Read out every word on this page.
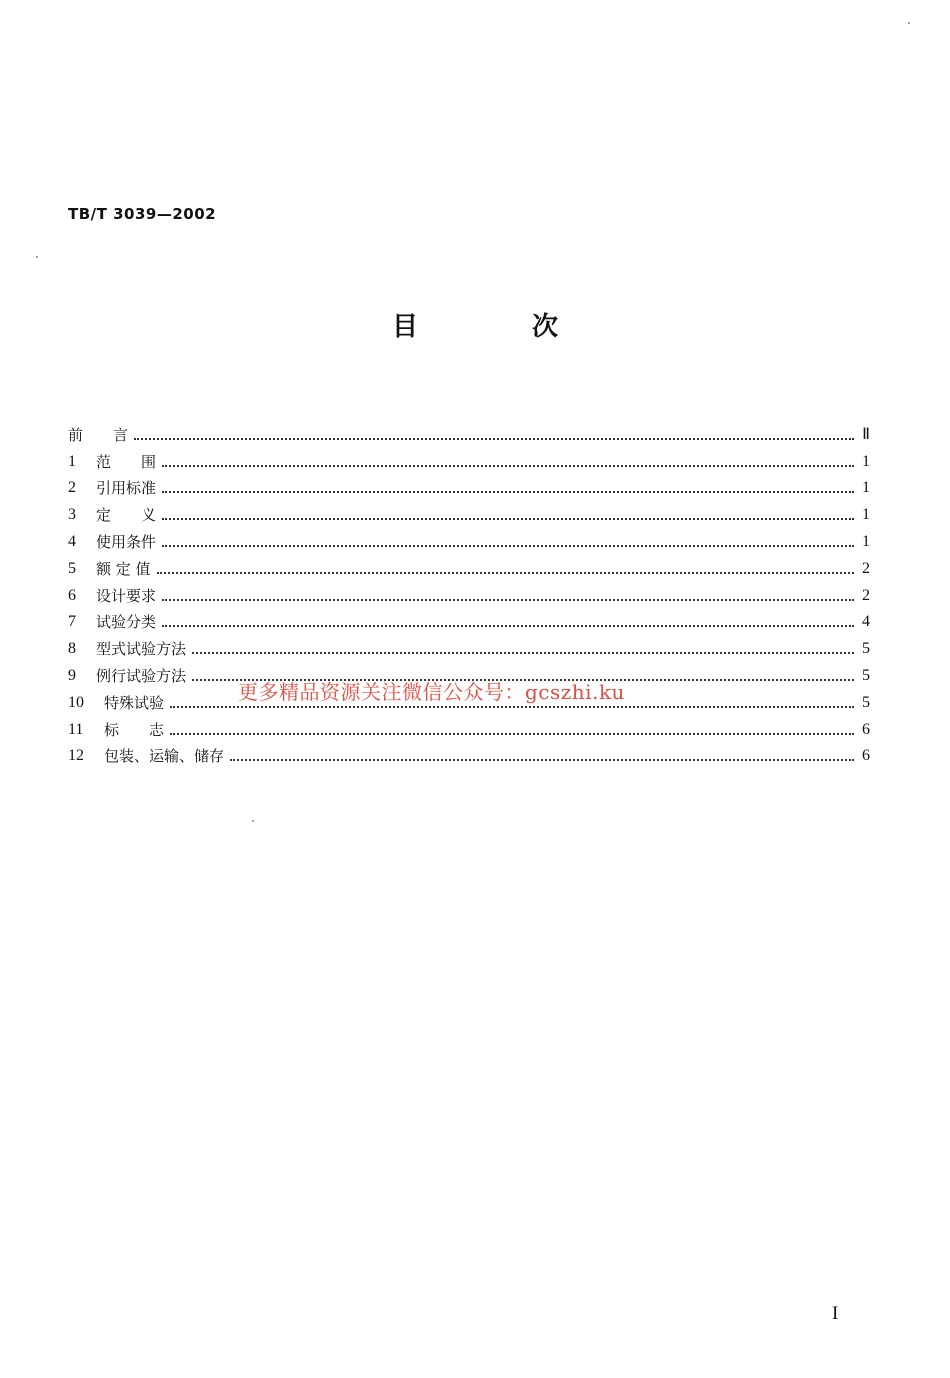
TB/T 3039—2002
目　次
前　　言	Ⅱ
1	范　　围	1
2	引用标准	1
3	定　　义	1
4	使用条件	1
5	额 定 值	2
6	设计要求	2
7	试验分类	4
8	型式试验方法	5
9	例行试验方法	5
10	特殊试验	5
11	标　　志	6
12	包装、运输、储存	6
更多精品资源关注微信公众号：gcszhi.ku
I
